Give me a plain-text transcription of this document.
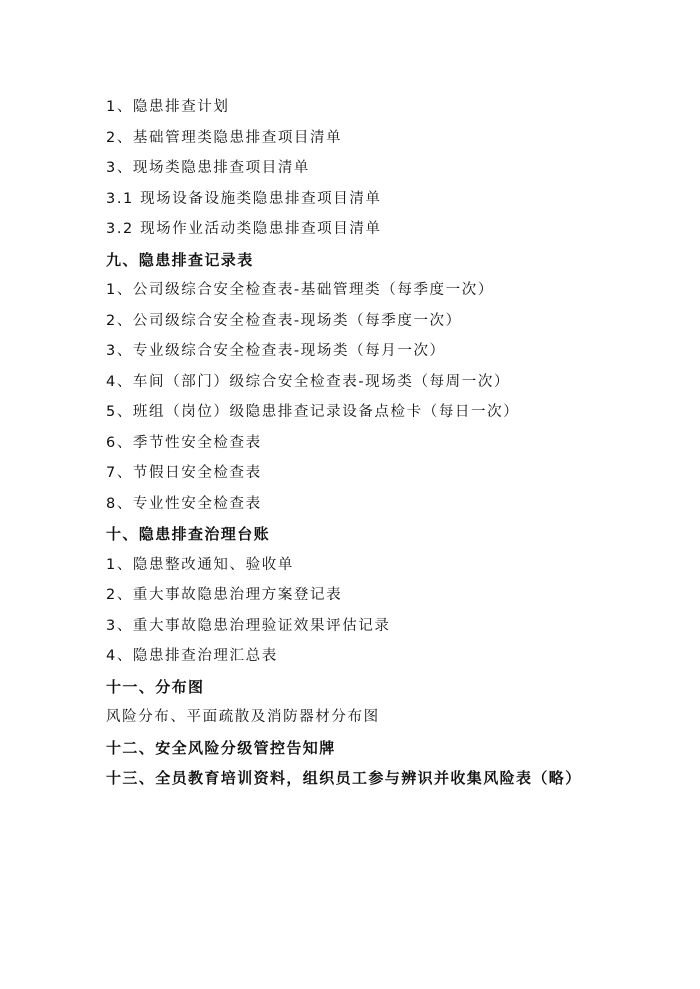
1、隐患排查计划
2、基础管理类隐患排查项目清单
3、现场类隐患排查项目清单
3.1 现场设备设施类隐患排查项目清单
3.2 现场作业活动类隐患排查项目清单
九、隐患排查记录表
1、公司级综合安全检查表-基础管理类（每季度一次）
2、公司级综合安全检查表-现场类（每季度一次）
3、专业级综合安全检查表-现场类（每月一次）
4、车间（部门）级综合安全检查表-现场类（每周一次）
5、班组（岗位）级隐患排查记录设备点检卡（每日一次）
6、季节性安全检查表
7、节假日安全检查表
8、专业性安全检查表
十、隐患排查治理台账
1、隐患整改通知、验收单
2、重大事故隐患治理方案登记表
3、重大事故隐患治理验证效果评估记录
4、隐患排查治理汇总表
十一、分布图
风险分布、平面疏散及消防器材分布图
十二、安全风险分级管控告知牌
十三、全员教育培训资料，组织员工参与辨识并收集风险表（略）
